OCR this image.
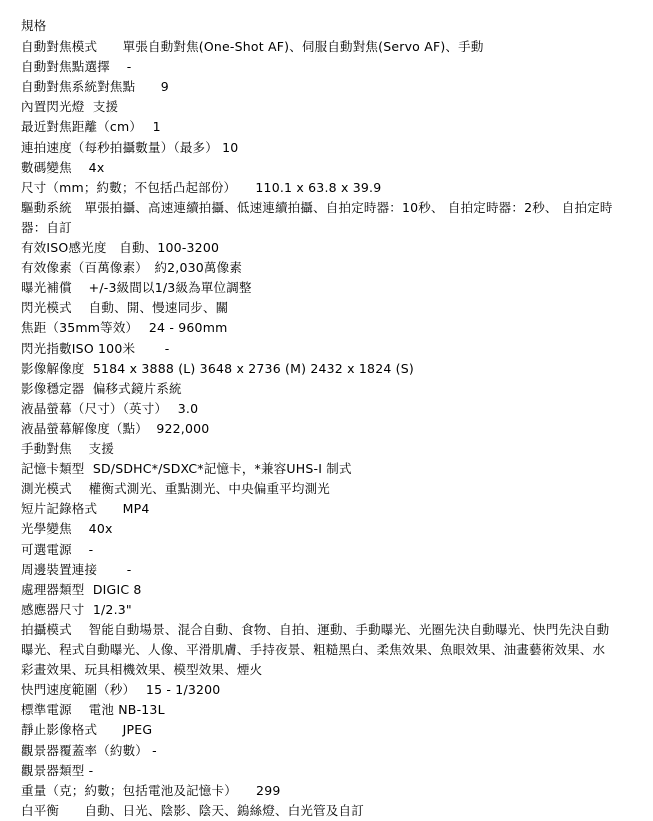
規格
自動對焦模式　　單張自動對焦(One-Shot AF)、伺服自動對焦(Servo AF)、手動
自動對焦點選擇　 -
自動對焦系統對焦點　　9
內置閃光燈  支援
最近對焦距離（cm）　 1
連拍速度（每秒拍攝數量）（最多） 10
數碼變焦　 4x
尺寸（mm；約數；不包括凸起部份）　　110.1 x 63.8 x 39.9
驅動系統　單張拍攝、高速連續拍攝、低速連續拍攝、自拍定時器：10秒、 自拍定時器：2秒、 自拍定時
器：自訂
有效ISO感光度　自動、100-3200
有效像素（百萬像素）　約2,030萬像素
曝光補償　 +/-3級間以1/3級為單位調整
閃光模式　 自動、開、慢速同步、關
焦距（35mm等效）　 24 - 960mm
閃光指數ISO 100米　　 -
影像解像度  5184 x 3888 (L) 3648 x 2736 (M) 2432 x 1824 (S)
影像穩定器  偏移式鏡片系統
液晶螢幕（尺寸）（英寸）　 3.0
液晶螢幕解像度（點）  922,000
手動對焦　 支援
記憶卡類型  SD/SDHC*/SDXC*記憶卡，*兼容UHS-I 制式
測光模式　 權衡式測光、重點測光、中央偏重平均測光
短片記錄格式　　MP4
光學變焦　 40x
可選電源　 -
周邊裝置連接　　 -
處理器類型  DIGIC 8
感應器尺寸  1/2.3"
拍攝模式　 智能自動場景、混合自動、食物、自拍、運動、手動曝光、光圈先決自動曝光、快門先決自動
曝光、程式自動曝光、人像、平滑肌膚、手持夜景、粗糙黑白、柔焦效果、魚眼效果、油畫藝術效果、水
彩畫效果、玩具相機效果、模型效果、煙火
快門速度範圍（秒）　 15 - 1/3200
標準電源　 電池 NB-13L
靜止影像格式　　JPEG
觀景器覆蓋率（約數） -
觀景器類型 -
重量（克；約數；包括電池及記憶卡）　　299
白平衡　　自動、日光、陰影、陰天、鎢絲燈、白光管及自訂
